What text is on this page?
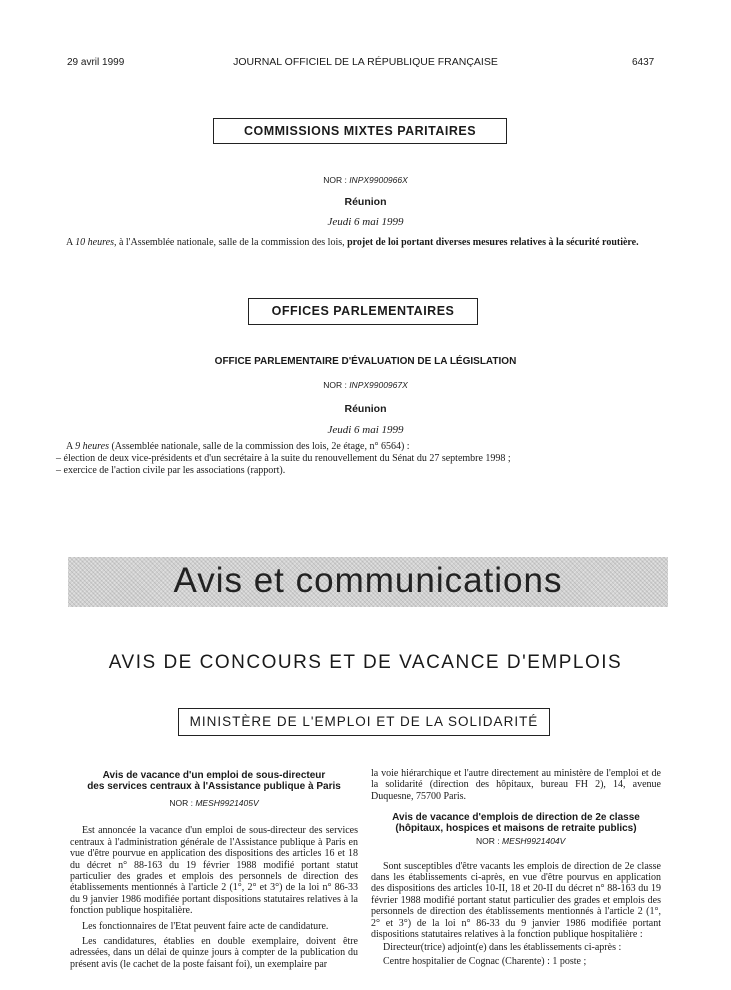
29 avril 1999	JOURNAL OFFICIEL DE LA RÉPUBLIQUE FRANÇAISE	6437
COMMISSIONS MIXTES PARITAIRES
NOR : INPX9900966X
Réunion
Jeudi 6 mai 1999

A 10 heures, à l'Assemblée nationale, salle de la commission des lois, projet de loi portant diverses mesures relatives à la sécurité routière.

OFFICES PARLEMENTAIRES
OFFICE PARLEMENTAIRE D'ÉVALUATION DE LA LÉGISLATION
NOR : INPX9900967X
Réunion
Jeudi 6 mai 1999
A 9 heures (Assemblée nationale, salle de la commission des lois, 2e étage, n° 6564) :
– élection de deux vice-présidents et d'un secrétaire à la suite du renouvellement du Sénat du 27 septembre 1998 ;
– exercice de l'action civile par les associations (rapport).
Avis et communications
AVIS DE CONCOURS ET DE VACANCE D'EMPLOIS
MINISTÈRE DE L'EMPLOI ET DE LA SOLIDARITÉ
Avis de vacance d'un emploi de sous-directeur
des services centraux à l'Assistance publique à Paris
NOR : MESH9921405V

Est annoncée la vacance d'un emploi de sous-directeur des services centraux à l'administration générale de l'Assistance publique à Paris en vue d'être pourvue en application des dispositions des articles 16 et 18 du décret n° 88-163 du 19 février 1988 modifié portant statut particulier des grades et emplois des personnels de direction des établissements mentionnés à l'article 2 (1°, 2° et 3°) de la loi n° 86-33 du 9 janvier 1986 modifiée portant dispositions statutaires relatives à la fonction publique hospitalière.

Les fonctionnaires de l'Etat peuvent faire acte de candidature.

Les candidatures, établies en double exemplaire, doivent être adressées, dans un délai de quinze jours à compter de la publication du présent avis (le cachet de la poste faisant foi), un exemplaire par

la voie hiérarchique et l'autre directement au ministère de l'emploi et de la solidarité (direction des hôpitaux, bureau FH 2), 14, avenue Duquesne, 75700 Paris.

Avis de vacance d'emplois de direction de 2e classe
(hôpitaux, hospices et maisons de retraite publics)
NOR : MESH9921404V

Sont susceptibles d'être vacants les emplois de direction de 2e classe dans les établissements ci-après, en vue d'être pourvus en application des dispositions des articles 10-II, 18 et 20-II du décret n° 88-163 du 19 février 1988 modifié portant statut particulier des grades et emplois des personnels de direction des établissements mentionnés à l'article 2 (1°, 2° et 3°) de la loi n° 86-33 du 9 janvier 1986 modifiée portant dispositions statutaires relatives à la fonction publique hospitalière :

Directeur(trice) adjoint(e) dans les établissements ci-après :

Centre hospitalier de Cognac (Charente) : 1 poste ;
